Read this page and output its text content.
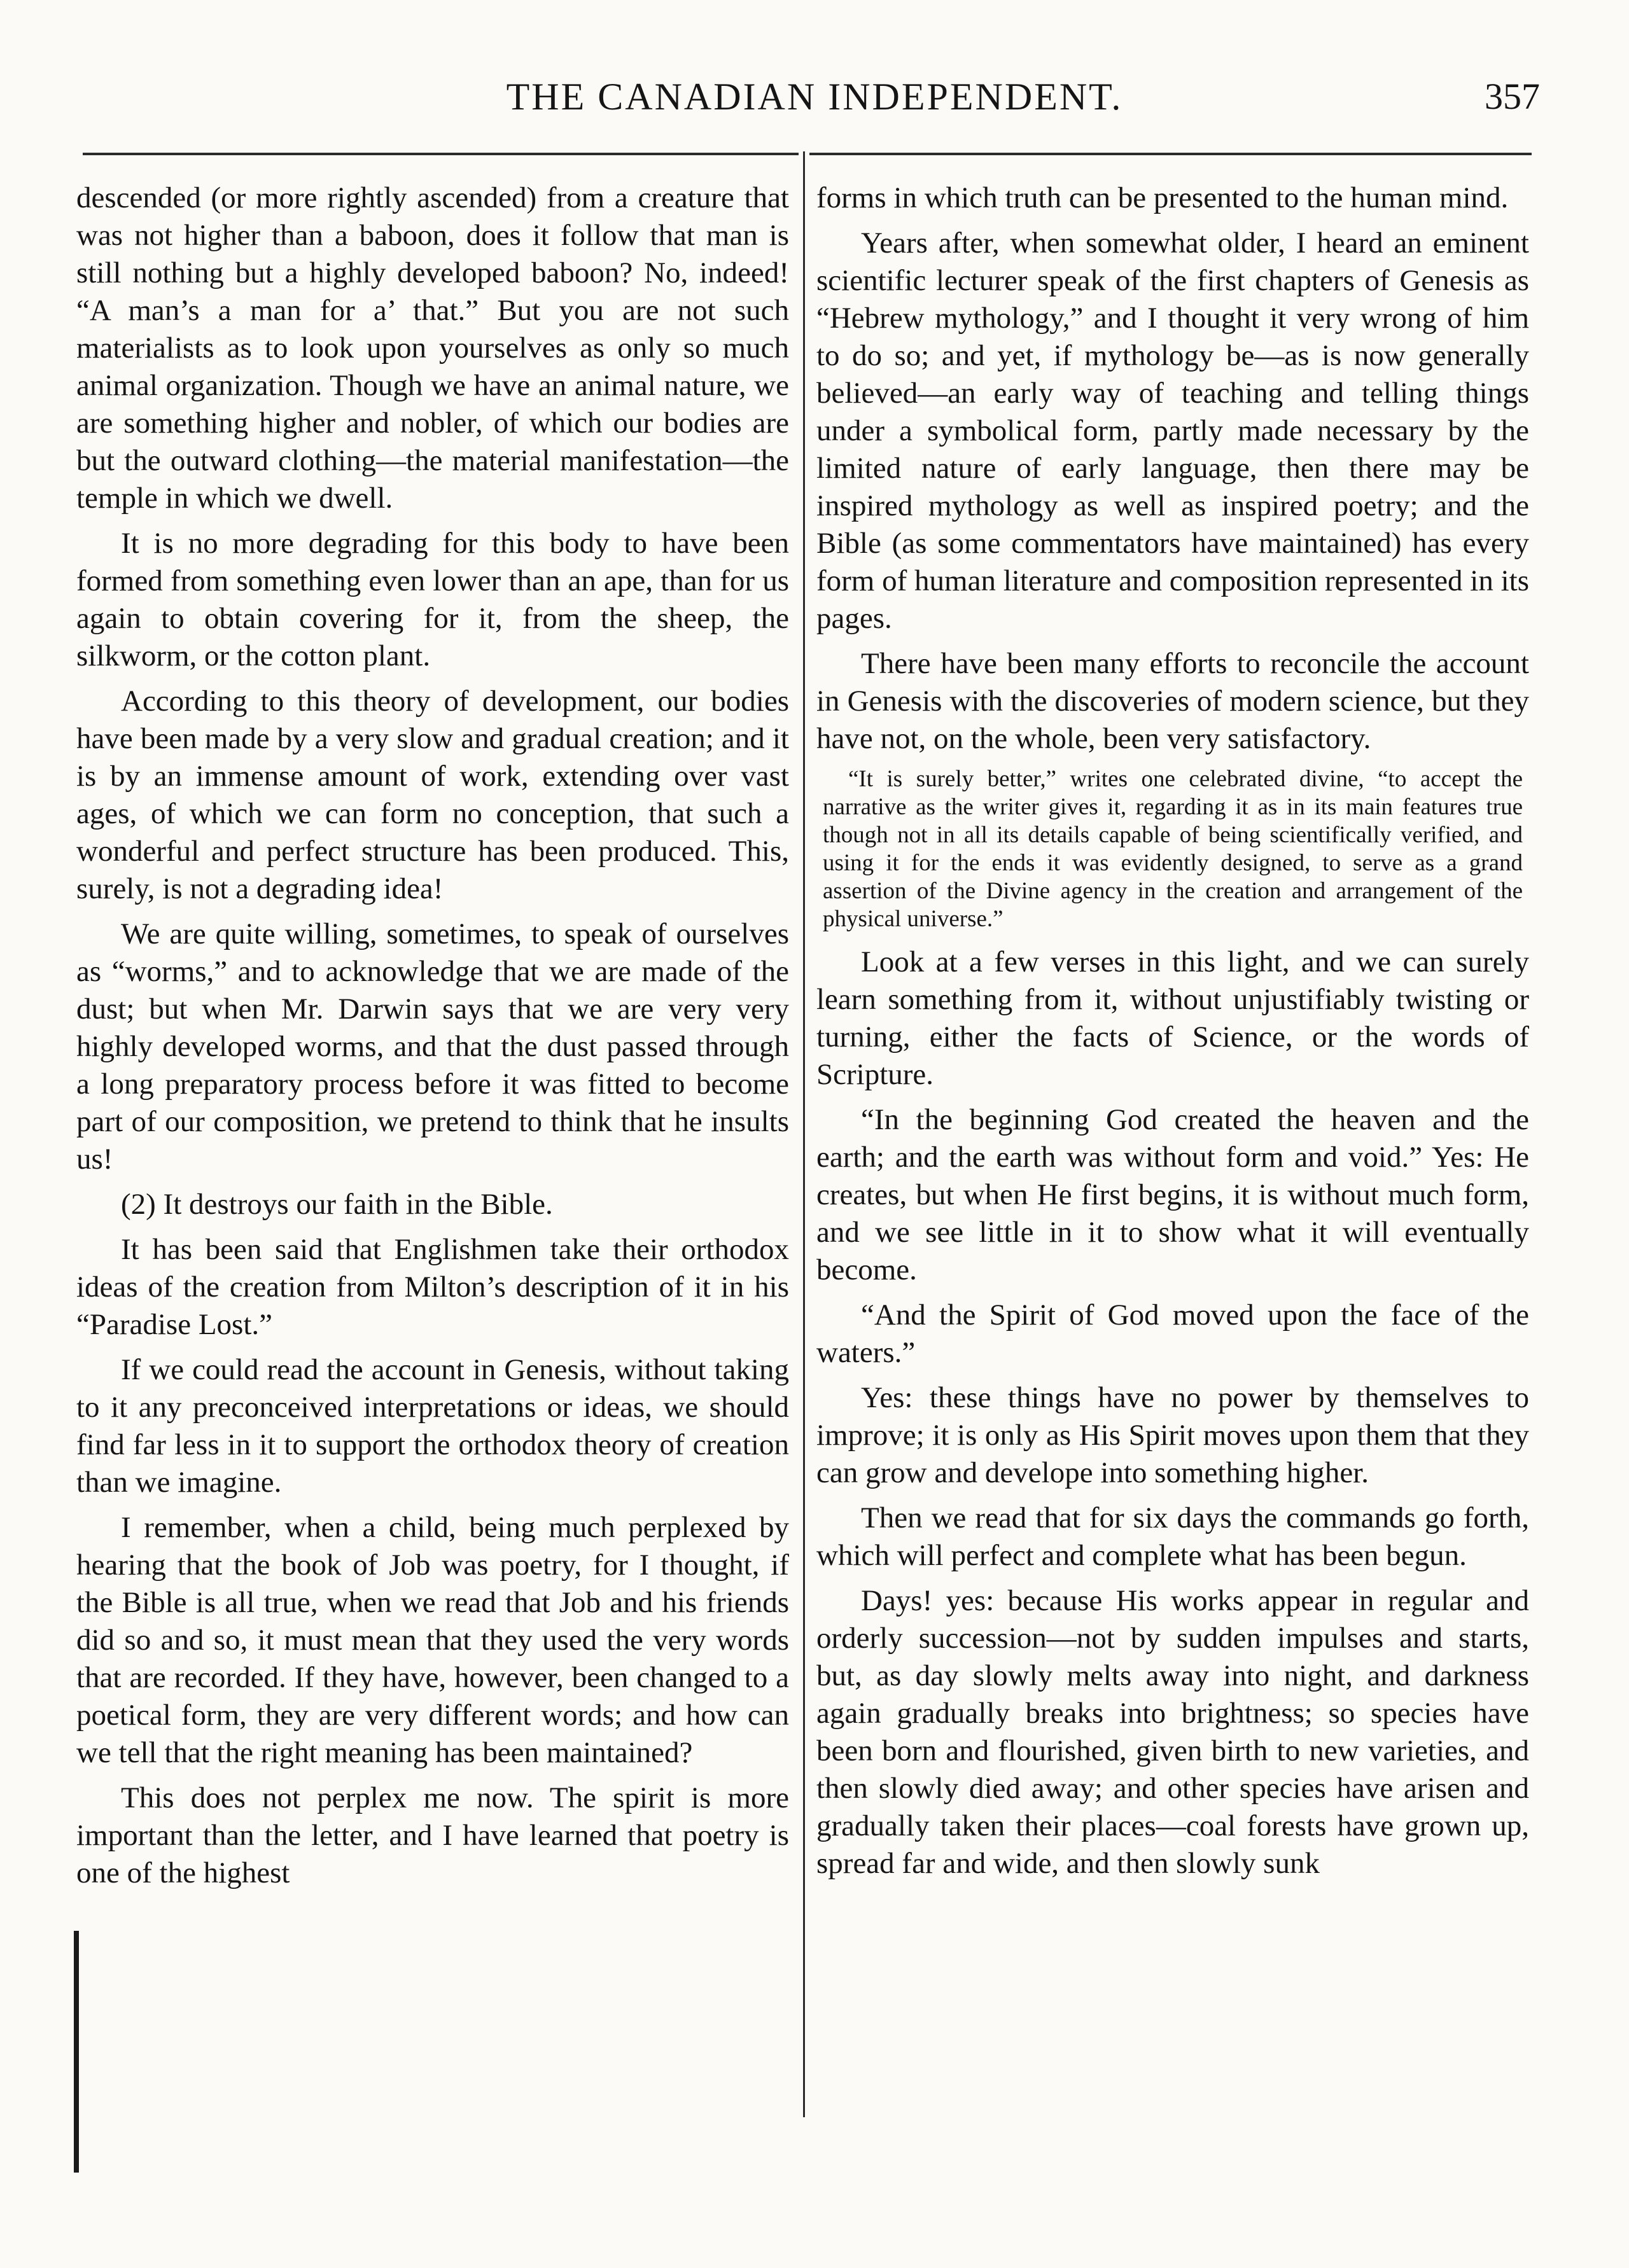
THE CANADIAN INDEPENDENT.	357

descended (or more rightly ascended) from a creature that was not higher than a baboon, does it follow that man is still nothing but a highly developed baboon? No, indeed! “A man’s a man for a’ that.” But you are not such materialists as to look upon yourselves as only so much animal organization. Though we have an animal nature, we are something higher and nobler, of which our bodies are but the outward clothing—the material manifestation—the temple in which we dwell.

It is no more degrading for this body to have been formed from something even lower than an ape, than for us again to obtain covering for it, from the sheep, the silkworm, or the cotton plant.

According to this theory of development, our bodies have been made by a very slow and gradual creation; and it is by an immense amount of work, extending over vast ages, of which we can form no conception, that such a wonderful and perfect structure has been produced. This, surely, is not a degrading idea!

We are quite willing, sometimes, to speak of ourselves as “worms,” and to acknowledge that we are made of the dust; but when Mr. Darwin says that we are very very highly developed worms, and that the dust passed through a long preparatory process before it was fitted to become part of our composition, we pretend to think that he insults us!

(2) It destroys our faith in the Bible.

It has been said that Englishmen take their orthodox ideas of the creation from Milton’s description of it in his “Paradise Lost.”

If we could read the account in Genesis, without taking to it any preconceived interpretations or ideas, we should find far less in it to support the orthodox theory of creation than we imagine.

I remember, when a child, being much perplexed by hearing that the book of Job was poetry, for I thought, if the Bible is all true, when we read that Job and his friends did so and so, it must mean that they used the very words that are recorded. If they have, however, been changed to a poetical form, they are very different words; and how can we tell that the right meaning has been maintained?

This does not perplex me now. The spirit is more important than the letter, and I have learned that poetry is one of the highest

forms in which truth can be presented to the human mind.

Years after, when somewhat older, I heard an eminent scientific lecturer speak of the first chapters of Genesis as “Hebrew mythology,” and I thought it very wrong of him to do so; and yet, if mythology be—as is now generally believed—an early way of teaching and telling things under a symbolical form, partly made necessary by the limited nature of early language, then there may be inspired mythology as well as inspired poetry; and the Bible (as some commentators have maintained) has every form of human literature and composition represented in its pages.

There have been many efforts to reconcile the account in Genesis with the discoveries of modern science, but they have not, on the whole, been very satisfactory.

“It is surely better,” writes one celebrated divine, “to accept the narrative as the writer gives it, regarding it as in its main features true though not in all its details capable of being scientifically verified, and using it for the ends it was evidently designed, to serve as a grand assertion of the Divine agency in the creation and arrangement of the physical universe.”

Look at a few verses in this light, and we can surely learn something from it, without unjustifiably twisting or turning, either the facts of Science, or the words of Scripture.

“In the beginning God created the heaven and the earth; and the earth was without form and void.” Yes: He creates, but when He first begins, it is without much form, and we see little in it to show what it will eventually become.

“And the Spirit of God moved upon the face of the waters.”

Yes: these things have no power by themselves to improve; it is only as His Spirit moves upon them that they can grow and develope into something higher.

Then we read that for six days the commands go forth, which will perfect and complete what has been begun.

Days! yes: because His works appear in regular and orderly succession—not by sudden impulses and starts, but, as day slowly melts away into night, and darkness again gradually breaks into brightness; so species have been born and flourished, given birth to new varieties, and then slowly died away; and other species have arisen and gradually taken their places—coal forests have grown up, spread far and wide, and then slowly sunk
